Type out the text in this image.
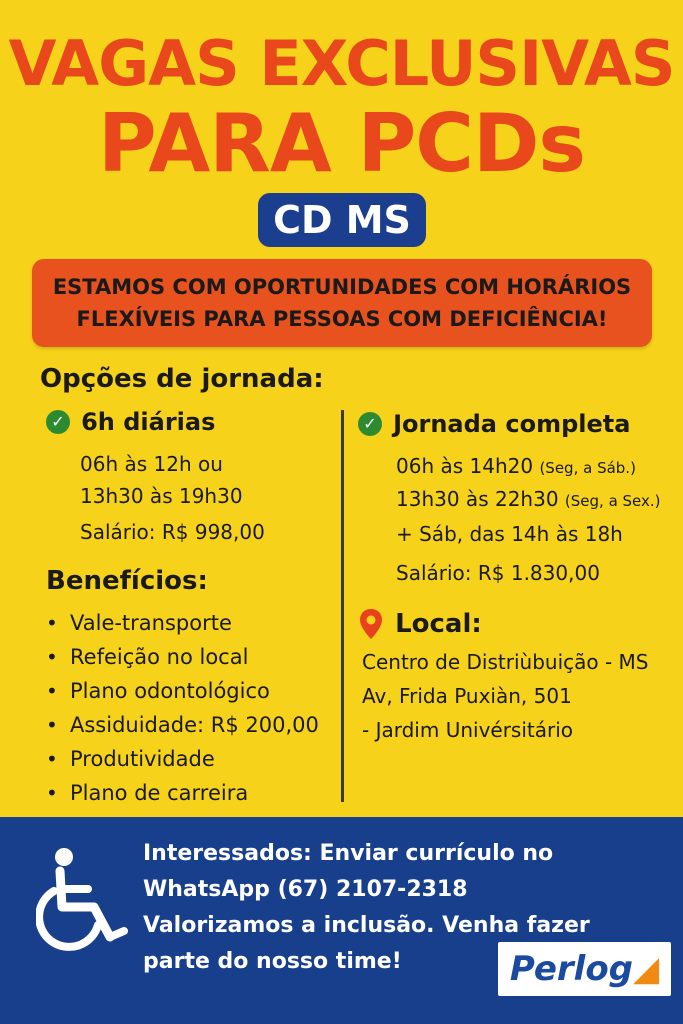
VAGAS EXCLUSIVAS
PARA PCDs
CD MS
ESTAMOS COM OPORTUNIDADES COM HORÁRIOS
FLEXÍVEIS PARA PESSOAS COM DEFICIÊNCIA!
Opções de jornada:
✓ 6h diárias
06h às 12h ou
13h30 às 19h30
Salário: R$ 998,00
✓ Jornada completa
06h às 14h20 (Seg, a Sáb.)
13h30 às 22h30 (Seg, a Sex.)
+ Sáb, das 14h às 18h
Salário: R$ 1.830,00
Benefícios:
• Vale-transporte
• Refeição no local
• Plano odontológico
• Assiduidade: R$ 200,00
• Produtividade
• Plano de carreira
Local:
Centro de Distriùbuição - MS
Av, Frida Puxiàn, 501
- Jardim Univérsitário
Interessados: Enviar currículo no
WhatsApp (67) 2107-2318
Valorizamos a inclusão. Venha fazer
parte do nosso time!	Perlog◢
